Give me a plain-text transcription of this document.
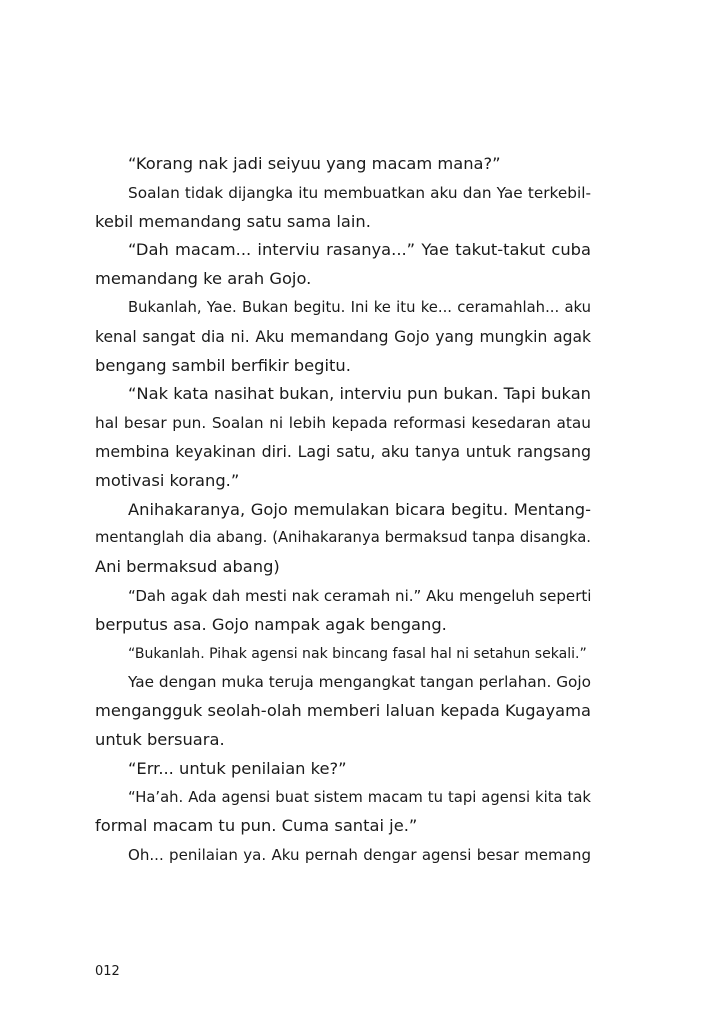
“Korang nak jadi seiyuu yang macam mana?”
Soalan tidak dijangka itu membuatkan aku dan Yae terkebil-
kebil memandang satu sama lain.
“Dah macam... interviu rasanya...” Yae takut-takut cuba
memandang ke arah Gojo.
Bukanlah, Yae. Bukan begitu. Ini ke itu ke... ceramahlah... aku
kenal sangat dia ni. Aku memandang Gojo yang mungkin agak
bengang sambil berfikir begitu.
“Nak kata nasihat bukan, interviu pun bukan. Tapi bukan
hal besar pun. Soalan ni lebih kepada reformasi kesedaran atau
membina keyakinan diri. Lagi satu, aku tanya untuk rangsang
motivasi korang.”
Anihakaranya, Gojo memulakan bicara begitu. Mentang-
mentanglah dia abang. (Anihakaranya bermaksud tanpa disangka.
Ani bermaksud abang)
“Dah agak dah mesti nak ceramah ni.” Aku mengeluh seperti
berputus asa. Gojo nampak agak bengang.
“Bukanlah. Pihak agensi nak bincang fasal hal ni setahun sekali.”
Yae dengan muka teruja mengangkat tangan perlahan. Gojo
mengangguk seolah-olah memberi laluan kepada Kugayama
untuk bersuara.
“Err... untuk penilaian ke?”
“Ha’ah. Ada agensi buat sistem macam tu tapi agensi kita tak
formal macam tu pun. Cuma santai je.”
Oh... penilaian ya. Aku pernah dengar agensi besar memang
012
